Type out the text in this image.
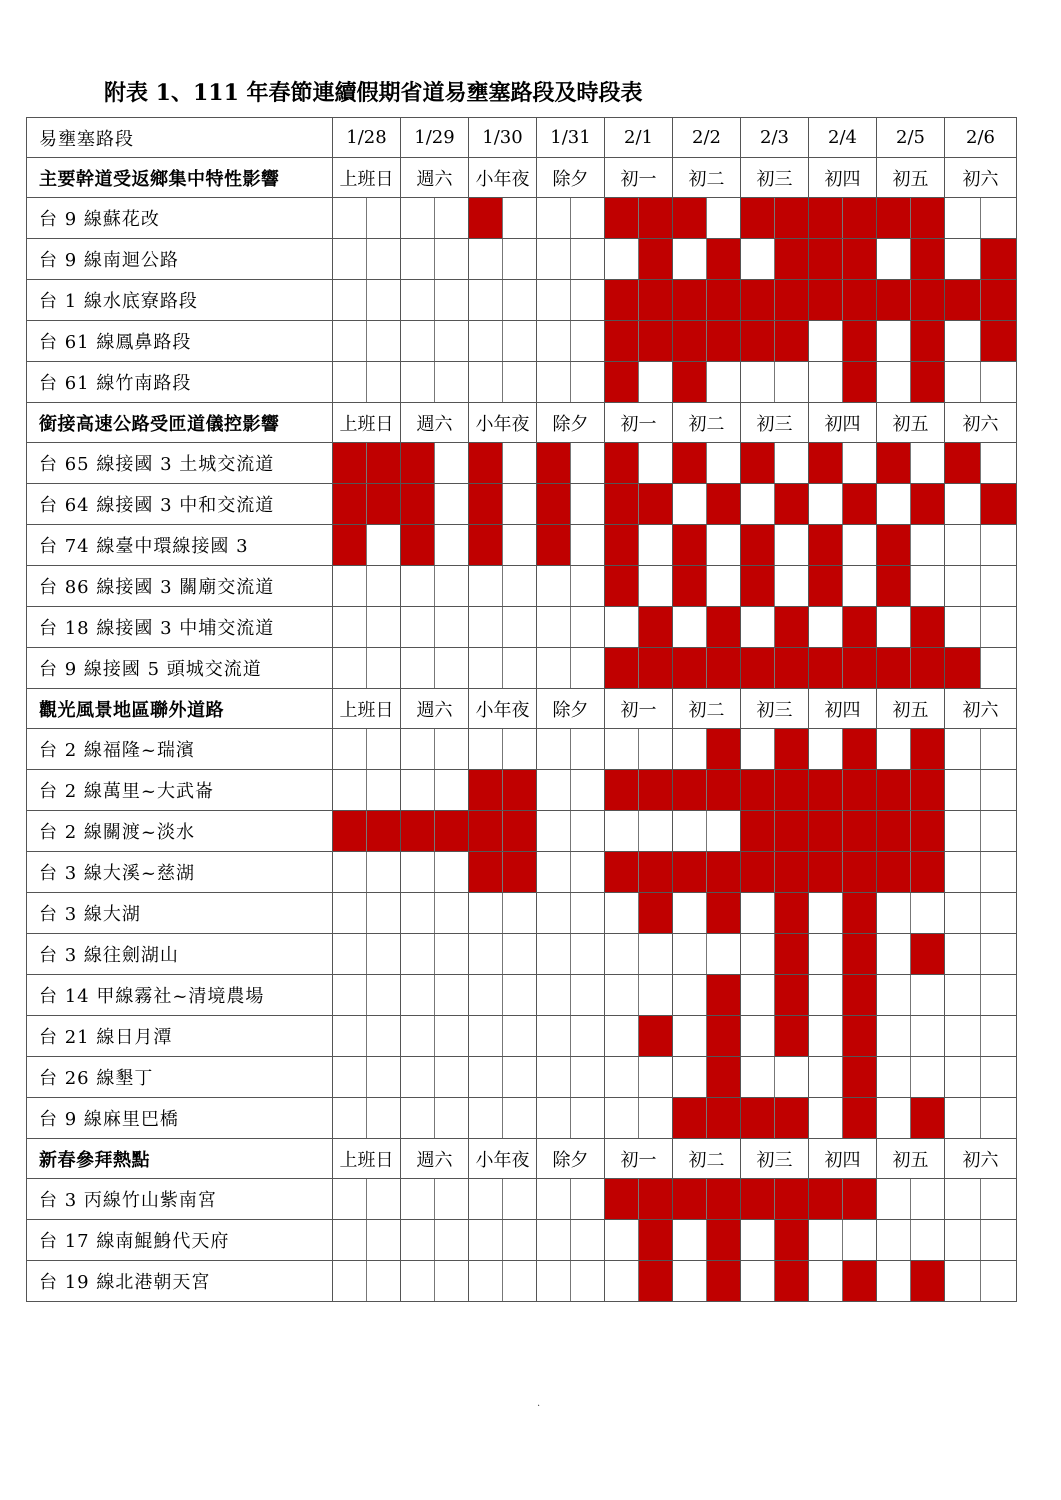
附表 1、111 年春節連續假期省道易壅塞路段及時段表
易壅塞路段	1/28	1/29	1/30	1/31	2/1	2/2	2/3	2/4	2/5	2/6
主要幹道受返鄉集中特性影響	上班日	週六	小年夜	除夕	初一	初二	初三	初四	初五	初六
台 9 線蘇花改	

台 9 線南迴公路	

台 1 線水底寮路段	

台 61 線鳳鼻路段	

台 61 線竹南路段	

銜接高速公路受匝道儀控影響	上班日	週六	小年夜	除夕	初一	初二	初三	初四	初五	初六
台 65 線接國 3 土城交流道	

台 64 線接國 3 中和交流道	

台 74 線臺中環線接國 3	

台 86 線接國 3 關廟交流道	

台 18 線接國 3 中埔交流道	

台 9 線接國 5 頭城交流道	

觀光風景地區聯外道路	上班日	週六	小年夜	除夕	初一	初二	初三	初四	初五	初六
台 2 線福隆~瑞濱	

台 2 線萬里~大武崙	

台 2 線關渡~淡水	

台 3 線大溪~慈湖	

台 3 線大湖	

台 3 線往劍湖山	

台 14 甲線霧社~清境農場	

台 21 線日月潭	

台 26 線墾丁	

台 9 線麻里巴橋	

新春參拜熱點	上班日	週六	小年夜	除夕	初一	初二	初三	初四	初五	初六
台 3 丙線竹山紫南宮	

台 17 線南鯤鯓代天府	

台 19 線北港朝天宮	

.
